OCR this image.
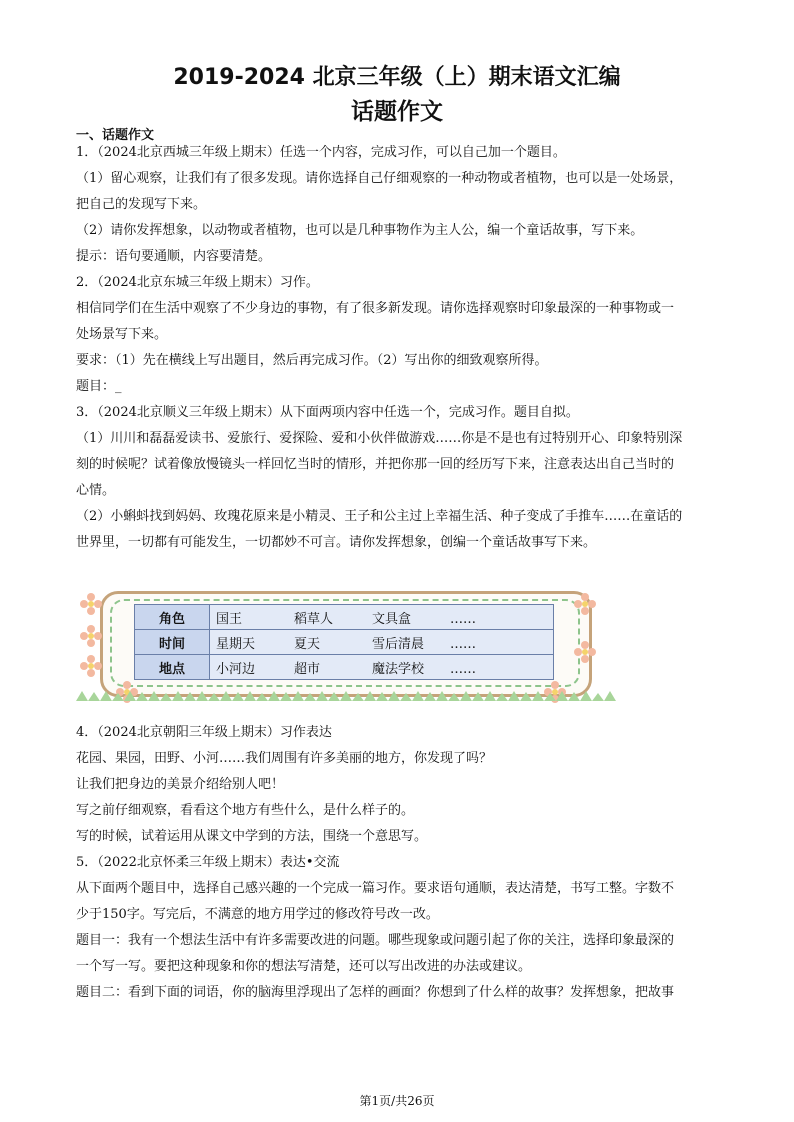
2019-2024 北京三年级（上）期末语文汇编
话题作文
一、话题作文
1．（2024北京西城三年级上期末）任选一个内容，完成习作，可以自己加一个题目。
（1）留心观察，让我们有了很多发现。请你选择自己仔细观察的一种动物或者植物，也可以是一处场景，
把自己的发现写下来。
（2）请你发挥想象，以动物或者植物，也可以是几种事物作为主人公，编一个童话故事，写下来。
提示：语句要通顺，内容要清楚。
2．（2024北京东城三年级上期末）习作。
相信同学们在生活中观察了不少身边的事物，有了很多新发现。请你选择观察时印象最深的一种事物或一
处场景写下来。
要求：（1）先在横线上写出题目，然后再完成习作。（2）写出你的细致观察所得。
题目：_
3．（2024北京顺义三年级上期末）从下面两项内容中任选一个，完成习作。题目自拟。
（1）川川和磊磊爱读书、爱旅行、爱探险、爱和小伙伴做游戏……你是不是也有过特别开心、印象特别深
刻的时候呢？试着像放慢镜头一样回忆当时的情形，并把你那一回的经历写下来，注意表达出自己当时的
心情。
（2）小蝌蚪找到妈妈、玫瑰花原来是小精灵、王子和公主过上幸福生活、种子变成了手推车……在童话的
世界里，一切都有可能发生，一切都妙不可言。请你发挥想象，创编一个童话故事写下来。
角色	国王 稻草人 文具盒 ……
时间	星期天 夏天 雪后清晨 ……
地点	小河边 超市 魔法学校 ……
4．（2024北京朝阳三年级上期末）习作表达
花园、果园，田野、小河……我们周围有许多美丽的地方，你发现了吗？
让我们把身边的美景介绍给别人吧！
写之前仔细观察，看看这个地方有些什么，是什么样子的。
写的时候，试着运用从课文中学到的方法，围绕一个意思写。
5．（2022北京怀柔三年级上期末）表达•交流
从下面两个题目中，选择自己感兴趣的一个完成一篇习作。要求语句通顺，表达清楚，书写工整。字数不
少于150字。写完后，不满意的地方用学过的修改符号改一改。
题目一：我有一个想法生活中有许多需要改进的问题。哪些现象或问题引起了你的关注，选择印象最深的
一个写一写。要把这种现象和你的想法写清楚，还可以写出改进的办法或建议。
题目二：看到下面的词语，你的脑海里浮现出了怎样的画面？你想到了什么样的故事？发挥想象，把故事
第1页/共26页
